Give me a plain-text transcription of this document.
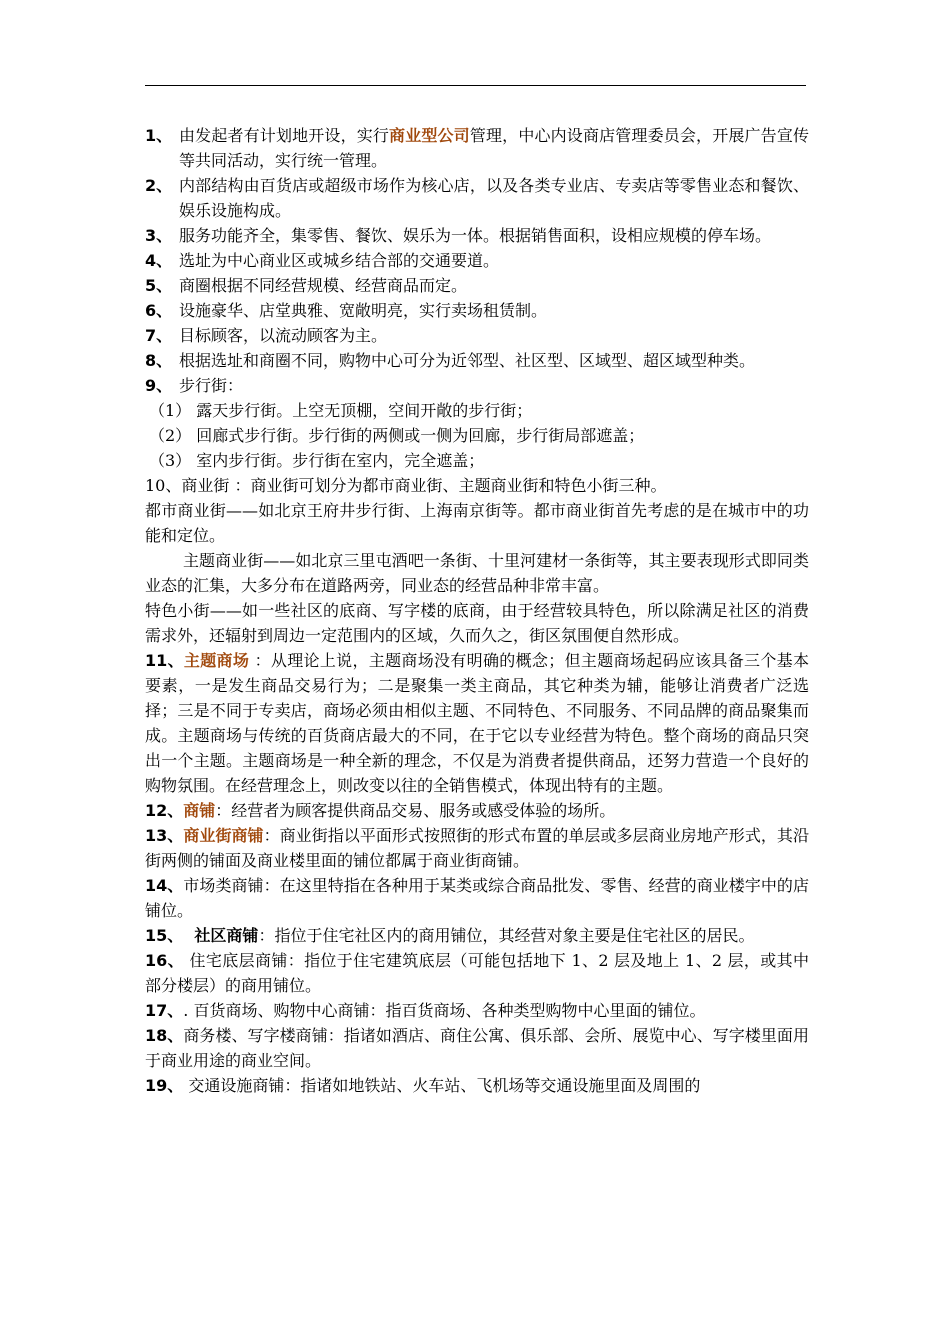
1、 由发起者有计划地开设，实行商业型公司管理，中心内设商店管理委员会，开展广告宣传等共同活动，实行统一管理。

2、 内部结构由百货店或超级市场作为核心店，以及各类专业店、专卖店等零售业态和餐饮、娱乐设施构成。

3、 服务功能齐全，集零售、餐饮、娱乐为一体。根据销售面积，设相应规模的停车场。

4、 选址为中心商业区或城乡结合部的交通要道。

5、 商圈根据不同经营规模、经营商品而定。

6、 设施豪华、店堂典雅、宽敞明亮，实行卖场租赁制。

7、 目标顾客，以流动顾客为主。

8、 根据选址和商圈不同，购物中心可分为近邻型、社区型、区域型、超区域型种类。

9、 步行街：

（1） 露天步行街。上空无顶棚，空间开敞的步行街；

（2） 回廊式步行街。步行街的两侧或一侧为回廊，步行街局部遮盖；

（3） 室内步行街。步行街在室内，完全遮盖；

10、商业街 ：商业街可划分为都市商业街、主题商业街和特色小街三种。

都市商业街——如北京王府井步行街、上海南京街等。都市商业街首先考虑的是在城市中的功能和定位。

主题商业街——如北京三里屯酒吧一条街、十里河建材一条街等，其主要表现形式即同类业态的汇集，大多分布在道路两旁，同业态的经营品种非常丰富。

特色小街——如一些社区的底商、写字楼的底商，由于经营较具特色，所以除满足社区的消费需求外，还辐射到周边一定范围内的区域，久而久之，街区氛围便自然形成。

11、主题商场 ：从理论上说，主题商场没有明确的概念；但主题商场起码应该具备三个基本要素，一是发生商品交易行为；二是聚集一类主商品，其它种类为辅，能够让消费者广泛选择；三是不同于专卖店，商场必须由相似主题、不同特色、不同服务、不同品牌的商品聚集而成。主题商场与传统的百货商店最大的不同，在于它以专业经营为特色。整个商场的商品只突出一个主题。主题商场是一种全新的理念，不仅是为消费者提供商品，还努力营造一个良好的购物氛围。在经营理念上，则改变以往的全销售模式，体现出特有的主题。

12、商铺：经营者为顾客提供商品交易、服务或感受体验的场所。

13、商业街商铺：商业街指以平面形式按照街的形式布置的单层或多层商业房地产形式，其沿街两侧的铺面及商业楼里面的铺位都属于商业街商铺。

14、市场类商铺：在这里特指在各种用于某类或综合商品批发、零售、经营的商业楼宇中的店铺位。

15、  社区商铺：指位于住宅社区内的商用铺位，其经营对象主要是住宅社区的居民。

16、 住宅底层商铺：指位于住宅建筑底层（可能包括地下 1、2 层及地上 1、2 层，或其中部分楼层）的商用铺位。

17、. 百货商场、购物中心商铺：指百货商场、各种类型购物中心里面的铺位。

18、商务楼、写字楼商铺：指诸如酒店、商住公寓、俱乐部、会所、展览中心、写字楼里面用于商业用途的商业空间。

19、 交通设施商铺：指诸如地铁站、火车站、飞机场等交通设施里面及周围的
